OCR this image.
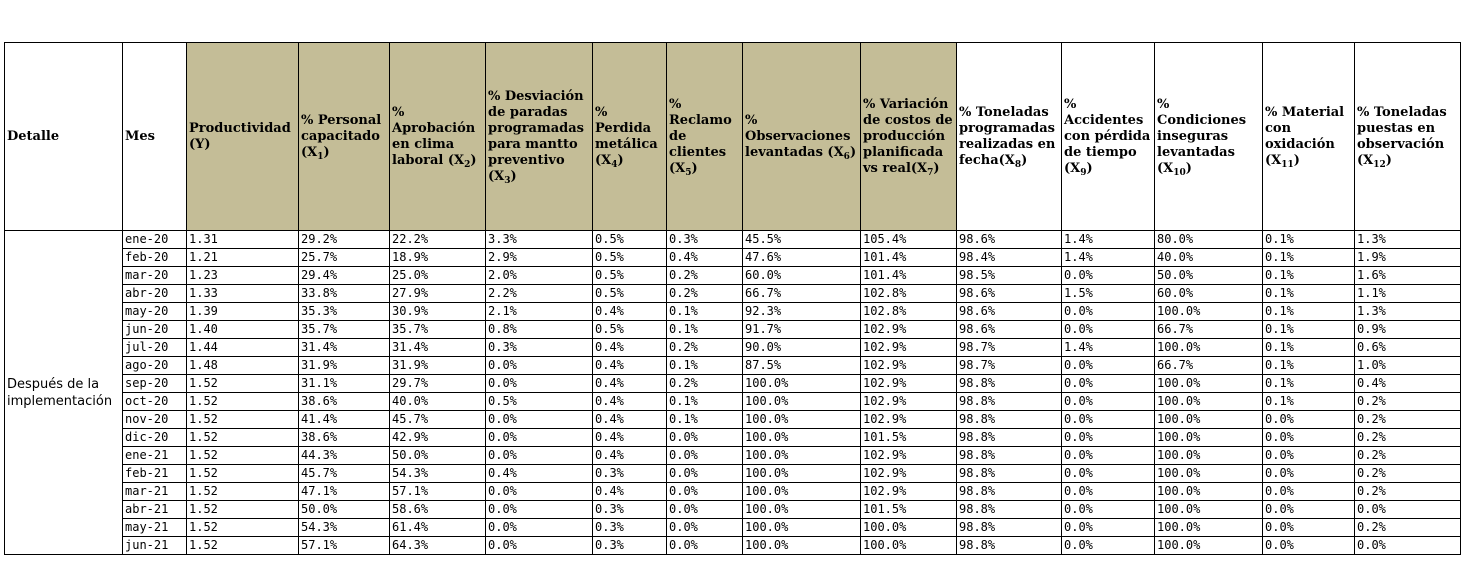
Detalle	Mes	Productividad (Y)	% Personal capacitado $(X_1)$	% Aprobación en clima laboral $(X_2)$	% Desviación de paradas programadas para mantto preventivo $(X_3)$	% Perdida metálica $(X_4)$	% Reclamo de clientes $(X_5)$	% Observaciones levantadas $(X_6)$	% Variación de costos de producción planificada vs $real(X_7)$	% Toneladas programadas realizadas en $fecha(X_8)$	% Accidentes con pérdida de tiempo $(X_9)$	% Condiciones inseguras levantadas $(X_{10})$	% Material con oxidación $(X_{11})$	% Toneladas puestas en observación $(X_{12})$
Después de la implementación	ene-20	1.31	29.2%	22.2%	3.3%	0.5%	0.3%	45.5%	105.4%	98.6%	1.4%	80.0%	0.1%	1.3%
	feb-20	1.21	25.7%	18.9%	2.9%	0.5%	0.4%	47.6%	101.4%	98.4%	1.4%	40.0%	0.1%	1.9%
	mar-20	1.23	29.4%	25.0%	2.0%	0.5%	0.2%	60.0%	101.4%	98.5%	0.0%	50.0%	0.1%	1.6%
	abr-20	1.33	33.8%	27.9%	2.2%	0.5%	0.2%	66.7%	102.8%	98.6%	1.5%	60.0%	0.1%	1.1%
	may-20	1.39	35.3%	30.9%	2.1%	0.4%	0.1%	92.3%	102.8%	98.6%	0.0%	100.0%	0.1%	1.3%
	jun-20	1.40	35.7%	35.7%	0.8%	0.5%	0.1%	91.7%	102.9%	98.6%	0.0%	66.7%	0.1%	0.9%
	jul-20	1.44	31.4%	31.4%	0.3%	0.4%	0.2%	90.0%	102.9%	98.7%	1.4%	100.0%	0.1%	0.6%
	ago-20	1.48	31.9%	31.9%	0.0%	0.4%	0.1%	87.5%	102.9%	98.7%	0.0%	66.7%	0.1%	1.0%
	sep-20	1.52	31.1%	29.7%	0.0%	0.4%	0.2%	100.0%	102.9%	98.8%	0.0%	100.0%	0.1%	0.4%
	oct-20	1.52	38.6%	40.0%	0.5%	0.4%	0.1%	100.0%	102.9%	98.8%	0.0%	100.0%	0.1%	0.2%
	nov-20	1.52	41.4%	45.7%	0.0%	0.4%	0.1%	100.0%	102.9%	98.8%	0.0%	100.0%	0.0%	0.2%
	dic-20	1.52	38.6%	42.9%	0.0%	0.4%	0.0%	100.0%	101.5%	98.8%	0.0%	100.0%	0.0%	0.2%
	ene-21	1.52	44.3%	50.0%	0.0%	0.4%	0.0%	100.0%	102.9%	98.8%	0.0%	100.0%	0.0%	0.2%
	feb-21	1.52	45.7%	54.3%	0.4%	0.3%	0.0%	100.0%	102.9%	98.8%	0.0%	100.0%	0.0%	0.2%
	mar-21	1.52	47.1%	57.1%	0.0%	0.4%	0.0%	100.0%	102.9%	98.8%	0.0%	100.0%	0.0%	0.2%
	abr-21	1.52	50.0%	58.6%	0.0%	0.3%	0.0%	100.0%	101.5%	98.8%	0.0%	100.0%	0.0%	0.0%
	may-21	1.52	54.3%	61.4%	0.0%	0.3%	0.0%	100.0%	100.0%	98.8%	0.0%	100.0%	0.0%	0.2%
	jun-21	1.52	57.1%	64.3%	0.0%	0.3%	0.0%	100.0%	100.0%	98.8%	0.0%	100.0%	0.0%	0.0%
